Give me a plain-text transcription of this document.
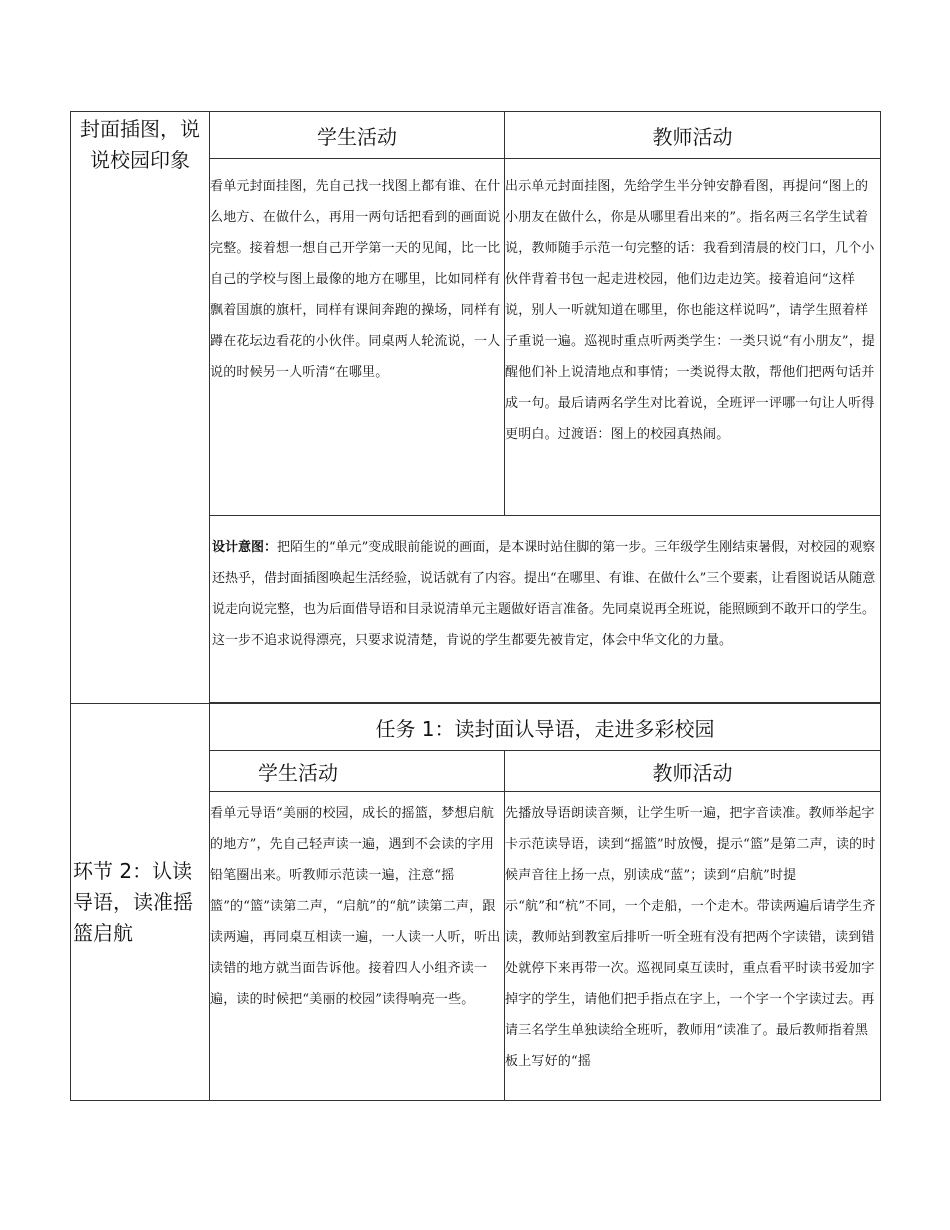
封面插图，说说校园印象	学生活动	教师活动

	看单元封面挂图，先自己找一找图上都有谁、在什么地方、在做什么，再用一两句话把看到的画面说完整。接着想一想自己开学第一天的见闻，比一比自己的学校与图上最像的地方在哪里，比如同样有飘着国旗的旗杆，同样有课间奔跑的操场，同样有蹲在花坛边看花的小伙伴。同桌两人轮流说，一人说的时候另一人听清“在哪里。	出示单元封面挂图，先给学生半分钟安静看图，再提问“图上的小朋友在做什么，你是从哪里看出来的”。指名两三名学生试着说，教师随手示范一句完整的话：我看到清晨的校门口，几个小伙伴背着书包一起走进校园，他们边走边笑。接着追问“这样说，别人一听就知道在哪里，你也能这样说吗”，请学生照着样子重说一遍。巡视时重点听两类学生：一类只说“有小朋友”，提醒他们补上说清地点和事情；一类说得太散，帮他们把两句话并成一句。最后请两名学生对比着说，全班评一评哪一句让人听得更明白。过渡语：图上的校园真热闹。

	设计意图：把陌生的“单元”变成眼前能说的画面，是本课时站住脚的第一步。三年级学生刚结束暑假，对校园的观察还热乎，借封面插图唤起生活经验，说话就有了内容。提出“在哪里、有谁、在做什么”三个要素，让看图说话从随意说走向说完整，也为后面借导语和目录说清单元主题做好语言准备。先同桌说再全班说，能照顾到不敢开口的学生。这一步不追求说得漂亮，只要求说清楚，肯说的学生都要先被肯定，体会中华文化的力量。	

环节 2：认读导语，读准摇篮启航	任务 1：读封面认导语，走进多彩校园	
	学生活动	教师活动

	看单元导语“美丽的校园，成长的摇篮，梦想启航的地方”，先自己轻声读一遍，遇到不会读的字用铅笔圈出来。听教师示范读一遍，注意“摇篮”的“篮”读第二声，“启航”的“航”读第二声，跟读两遍，再同桌互相读一遍，一人读一人听，听出读错的地方就当面告诉他。接着四人小组齐读一遍，读的时候把“美丽的校园”读得响亮一些。	先播放导语朗读音频，让学生听一遍，把字音读准。教师举起字卡示范读导语，读到“摇篮”时放慢，提示“篮”是第二声，读的时候声音往上扬一点，别读成“蓝”；读到“启航”时提示“航”和“杭”不同，一个走船，一个走木。带读两遍后请学生齐读，教师站到教室后排听一听全班有没有把两个字读错，读到错处就停下来再带一次。巡视同桌互读时，重点看平时读书爱加字掉字的学生，请他们把手指点在字上，一个字一个字读过去。再请三名学生单独读给全班听，教师用“读准了。最后教师指着黑板上写好的“摇
